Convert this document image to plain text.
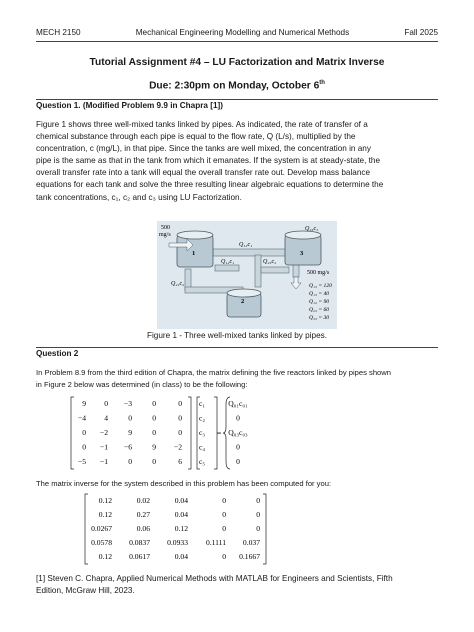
MECH 2150	Mechanical Engineering Modelling and Numerical Methods	Fall 2025
Tutorial Assignment #4 – LU Factorization and Matrix Inverse
Due: 2:30pm on Monday, October 6th
Question 1. (Modified Problem 9.9 in Chapra [1])
Figure 1 shows three well-mixed tanks linked by pipes. As indicated, the rate of transfer of a
chemical substance through each pipe is equal to the flow rate, Q (L/s), multiplied by the
concentration, c (mg/L), in that pipe. Since the tanks are well mixed, the concentration in any
pipe is the same as that in the tank from which it emanates. If the system is at steady-state, the
overall transfer rate into a tank will equal the overall transfer rate out. Develop mass balance
equations for each tank and solve the three resulting linear algebraic equations to determine the
tank concentrations, c₁, c₂ and c₃ using LU Factorization.
500
mg/s
Q₁₃c₁
Q₃₃c₃
Q₁₂c₁	Q₂₃c₂
Q₂₁c₂
1	3
2
500 mg/s
Q₁₃ = 120
Q₁₃ = 40
Q₁₂ = 90
Q₂₃ = 60
Q₃₃ = 30
Figure 1 - Three well-mixed tanks linked by pipes.
Question 2
In Problem 8.9 from the third edition of Chapra, the matrix defining the five reactors linked by pipes shown
in Figure 2 below was determined (in class) to be the following:
9 0 −3	0	0
−4 4	0	0	0
0 −2	9	0	0
0 −1 −6	9 −2
−5 −1	0	0	6
c₁
c₂
c₃
c₄
c₅
=
Q₀₁c₀₁
0
Q₀₃c₀₃
0
0
The matrix inverse for the system described in this problem has been computed for you:
0.12	0.02	0.04	0	0
0.12	0.27	0.04	0	0
0.0267	0.06	0.12	0	0
0.0578 0.0837 0.0933 0.1111 0.037
0.12 0.0617	0.04	0 0.1667
[1] Steven C. Chapra, Applied Numerical Methods with MATLAB for Engineers and Scientists, Fifth
Edition, McGraw Hill, 2023.
